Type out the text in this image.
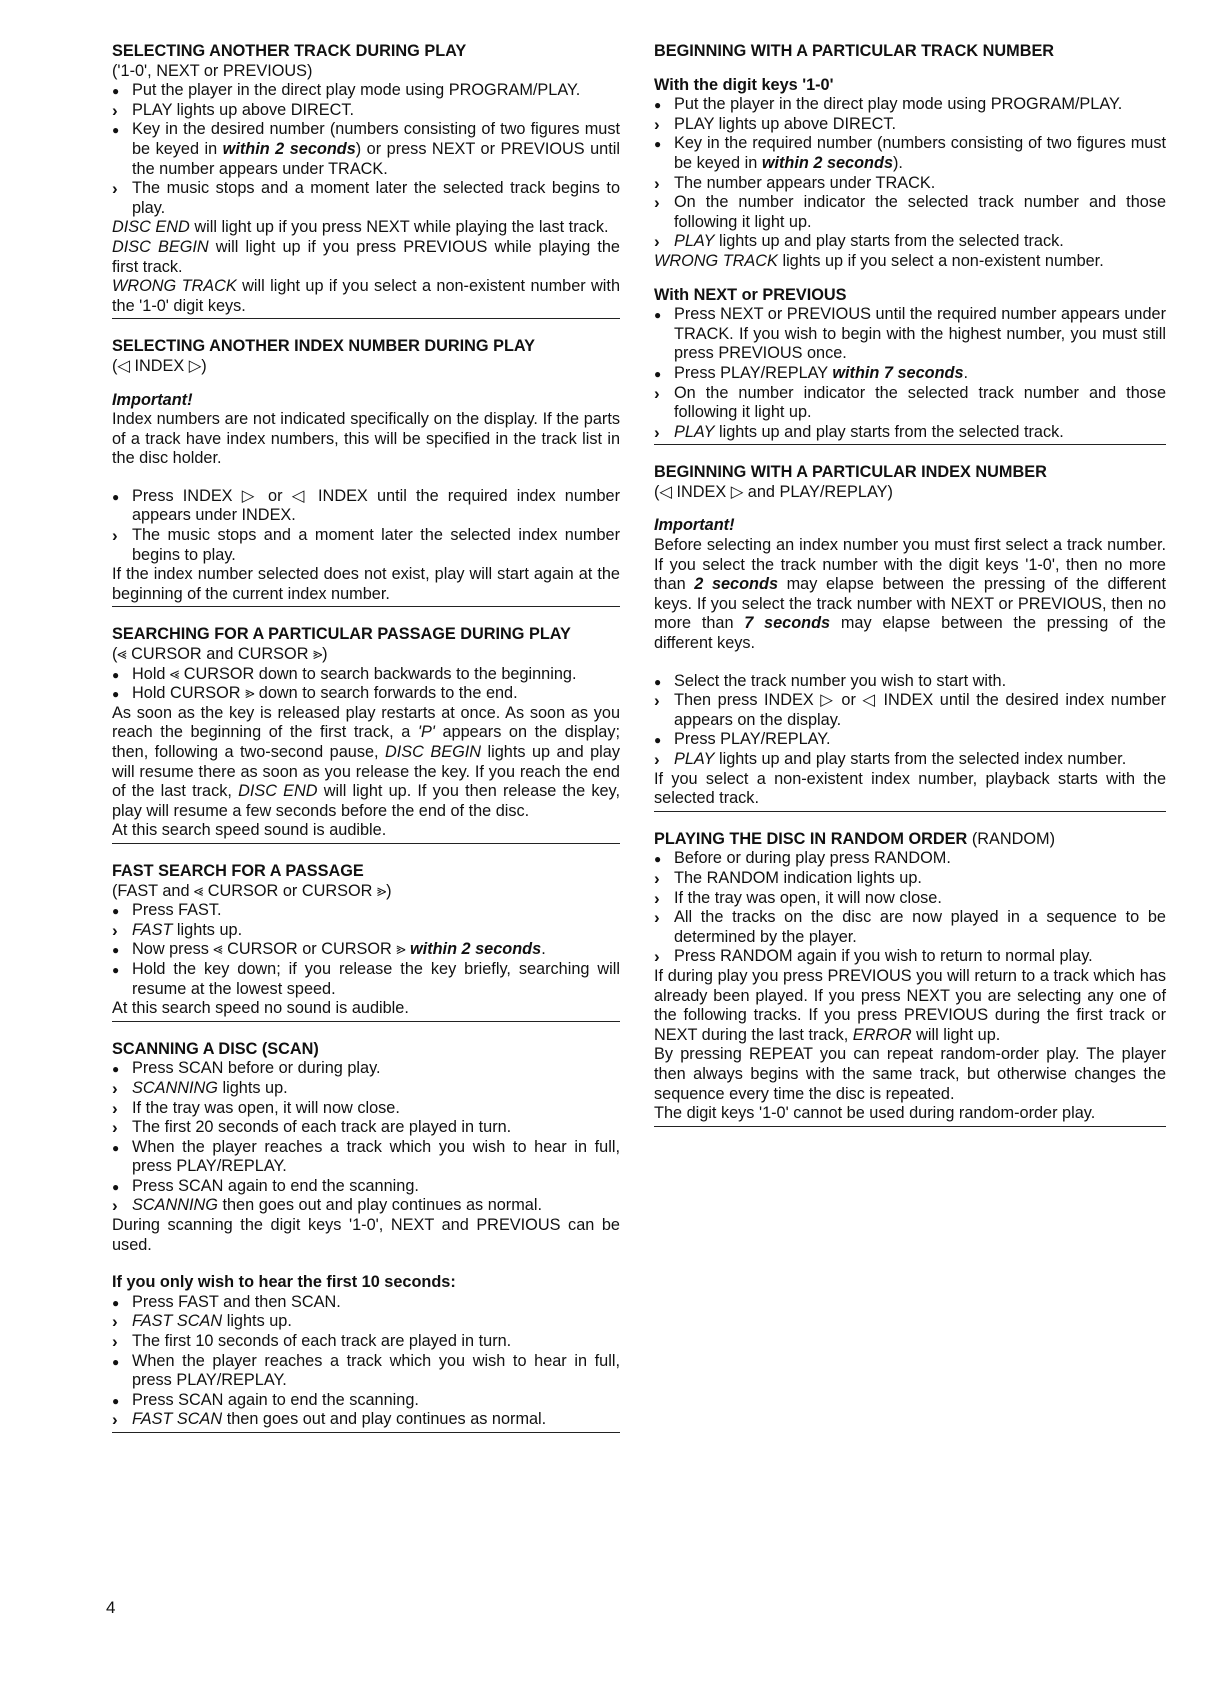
SELECTING ANOTHER TRACK DURING PLAY
('1-0', NEXT or PREVIOUS)
●
Put the player in the direct play mode using PROGRAM/PLAY.
›
PLAY lights up above DIRECT.
●
Key in the desired number (numbers consisting of two figures must be keyed in within 2 seconds) or press NEXT or PREVIOUS until the number appears under TRACK.
›
The music stops and a moment later the selected track begins to play.
DISC END will light up if you press NEXT while playing the last track.
DISC BEGIN will light up if you press PREVIOUS while playing the first track.
WRONG TRACK will light up if you select a non-existent number with the '1-0' digit keys.
SELECTING ANOTHER INDEX NUMBER DURING PLAY
(◁ INDEX ▷)
Important!
Index numbers are not indicated specifically on the display. If the parts of a track have index numbers, this will be specified in the track list in the disc holder.
●
Press INDEX ▷ or ◁ INDEX until the required index number appears under INDEX.
›
The music stops and a moment later the selected index number begins to play.
If the index number selected does not exist, play will start again at the beginning of the current index number.
SEARCHING FOR A PARTICULAR PASSAGE DURING PLAY
(⪡ CURSOR and CURSOR ⪢)
●
Hold ⪡ CURSOR down to search backwards to the beginning.
●
Hold CURSOR ⪢ down to search forwards to the end.
As soon as the key is released play restarts at once. As soon as you reach the beginning of the first track, a 'P' appears on the display; then, following a two-second pause, DISC BEGIN lights up and play will resume there as soon as you release the key. If you reach the end of the last track, DISC END will light up. If you then release the key, play will resume a few seconds before the end of the disc.
At this search speed sound is audible.
FAST SEARCH FOR A PASSAGE
(FAST and ⪡ CURSOR or CURSOR ⪢)
●
Press FAST.
›
FAST lights up.
●
Now press ⪡ CURSOR or CURSOR ⪢ within 2 seconds.
●
Hold the key down; if you release the key briefly, searching will resume at the lowest speed.
At this search speed no sound is audible.
SCANNING A DISC (SCAN)
●
Press SCAN before or during play.
›
SCANNING lights up.
›
If the tray was open, it will now close.
›
The first 20 seconds of each track are played in turn.
●
When the player reaches a track which you wish to hear in full, press PLAY/REPLAY.
●
Press SCAN again to end the scanning.
›
SCANNING then goes out and play continues as normal.
During scanning the digit keys '1-0', NEXT and PREVIOUS can be used.
If you only wish to hear the first 10 seconds:
●
Press FAST and then SCAN.
›
FAST SCAN lights up.
›
The first 10 seconds of each track are played in turn.
●
When the player reaches a track which you wish to hear in full, press PLAY/REPLAY.
●
Press SCAN again to end the scanning.
›
FAST SCAN then goes out and play continues as normal.
BEGINNING WITH A PARTICULAR TRACK NUMBER
With the digit keys '1-0'
●
Put the player in the direct play mode using PROGRAM/PLAY.
›
PLAY lights up above DIRECT.
●
Key in the required number (numbers consisting of two figures must be keyed in within 2 seconds).
›
The number appears under TRACK.
›
On the number indicator the selected track number and those following it light up.
›
PLAY lights up and play starts from the selected track.
WRONG TRACK lights up if you select a non-existent number.
With NEXT or PREVIOUS
●
Press NEXT or PREVIOUS until the required number appears under TRACK. If you wish to begin with the highest number, you must still press PREVIOUS once.
●
Press PLAY/REPLAY within 7 seconds.
›
On the number indicator the selected track number and those following it light up.
›
PLAY lights up and play starts from the selected track.
BEGINNING WITH A PARTICULAR INDEX NUMBER
(◁ INDEX ▷ and PLAY/REPLAY)
Important!
Before selecting an index number you must first select a track number. If you select the track number with the digit keys '1-0', then no more than 2 seconds may elapse between the pressing of the different keys. If you select the track number with NEXT or PREVIOUS, then no more than 7 seconds may elapse between the pressing of the different keys.
●
Select the track number you wish to start with.
›
Then press INDEX ▷ or ◁ INDEX until the desired index number appears on the display.
●
Press PLAY/REPLAY.
›
PLAY lights up and play starts from the selected index number.
If you select a non-existent index number, playback starts with the selected track.
PLAYING THE DISC IN RANDOM ORDER (RANDOM)
●
Before or during play press RANDOM.
›
The RANDOM indication lights up.
›
If the tray was open, it will now close.
›
All the tracks on the disc are now played in a sequence to be determined by the player.
›
Press RANDOM again if you wish to return to normal play.
If during play you press PREVIOUS you will return to a track which has already been played. If you press NEXT you are selecting any one of the following tracks. If you press PREVIOUS during the first track or NEXT during the last track, ERROR will light up.
By pressing REPEAT you can repeat random-order play. The player then always begins with the same track, but otherwise changes the sequence every time the disc is repeated.
The digit keys '1-0' cannot be used during random-order play.
4
